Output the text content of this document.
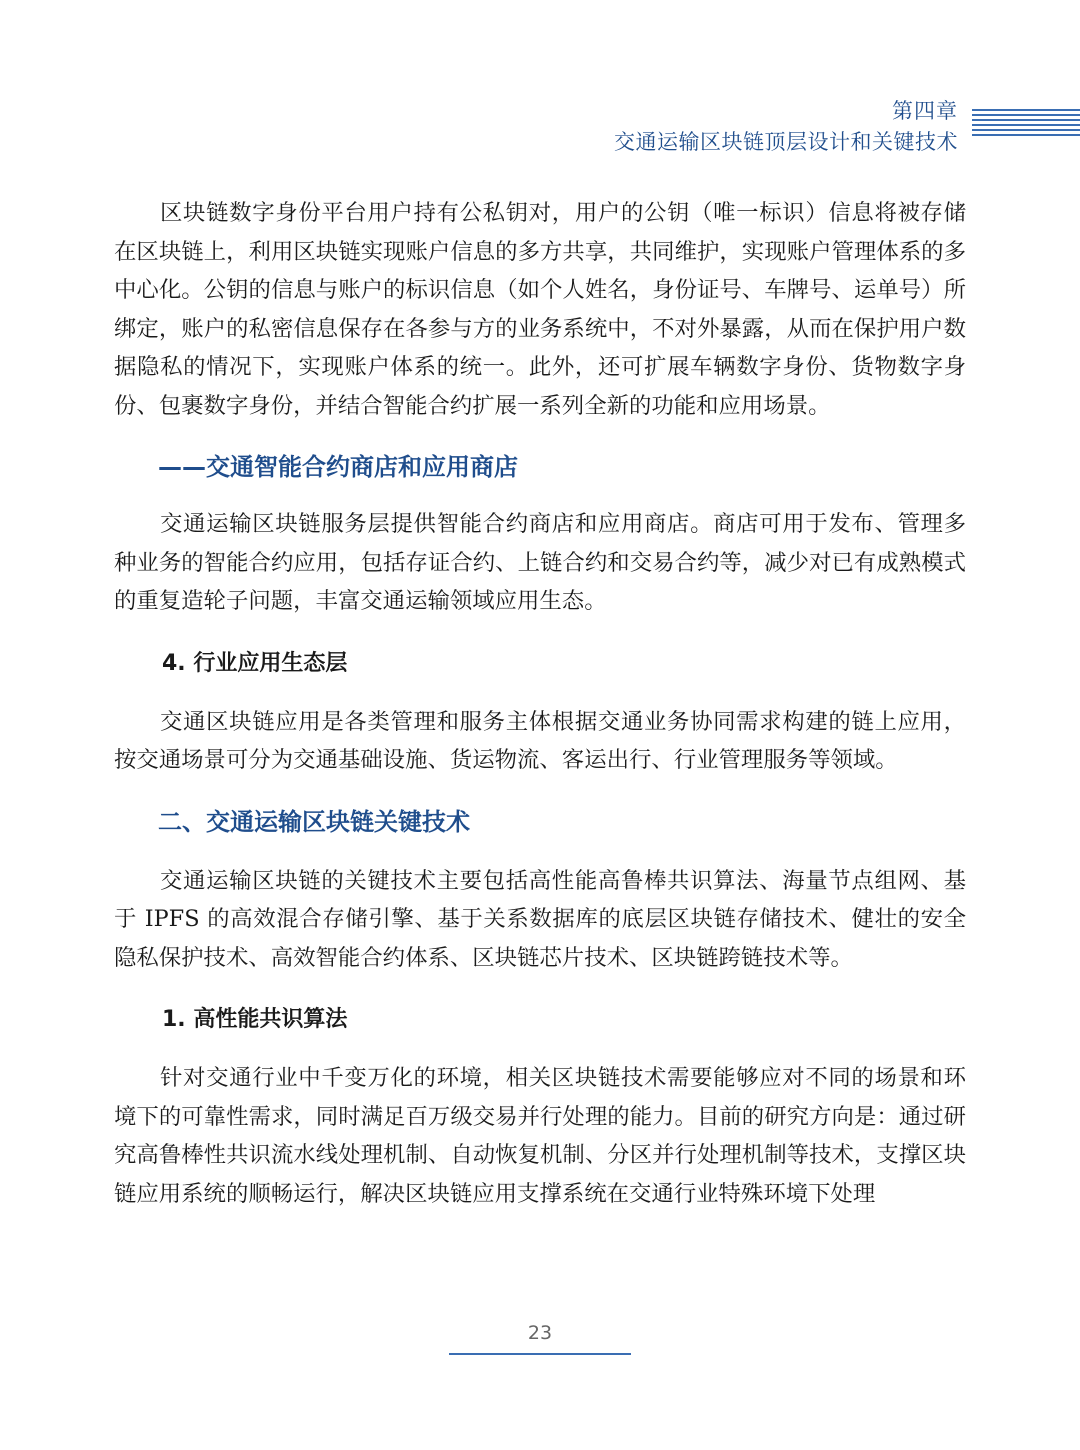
第四章
交通运输区块链顶层设计和关键技术

区块链数字身份平台用户持有公私钥对，用户的公钥（唯一标识）信息将被存储在区块链上，利用区块链实现账户信息的多方共享，共同维护，实现账户管理体系的多中心化。公钥的信息与账户的标识信息（如个人姓名，身份证号、车牌号、运单号）所绑定，账户的私密信息保存在各参与方的业务系统中，不对外暴露，从而在保护用户数据隐私的情况下，实现账户体系的统一。此外，还可扩展车辆数字身份、货物数字身份、包裹数字身份，并结合智能合约扩展一系列全新的功能和应用场景。

——交通智能合约商店和应用商店

交通运输区块链服务层提供智能合约商店和应用商店。商店可用于发布、管理多种业务的智能合约应用，包括存证合约、上链合约和交易合约等，减少对已有成熟模式的重复造轮子问题，丰富交通运输领域应用生态。

4. 行业应用生态层

交通区块链应用是各类管理和服务主体根据交通业务协同需求构建的链上应用，按交通场景可分为交通基础设施、货运物流、客运出行、行业管理服务等领域。

二、交通运输区块链关键技术

交通运输区块链的关键技术主要包括高性能高鲁棒共识算法、海量节点组网、基于 IPFS 的高效混合存储引擎、基于关系数据库的底层区块链存储技术、健壮的安全隐私保护技术、高效智能合约体系、区块链芯片技术、区块链跨链技术等。

1. 高性能共识算法

针对交通行业中千变万化的环境，相关区块链技术需要能够应对不同的场景和环境下的可靠性需求，同时满足百万级交易并行处理的能力。目前的研究方向是：通过研究高鲁棒性共识流水线处理机制、自动恢复机制、分区并行处理机制等技术，支撑区块链应用系统的顺畅运行，解决区块链应用支撑系统在交通行业特殊环境下处理

23
